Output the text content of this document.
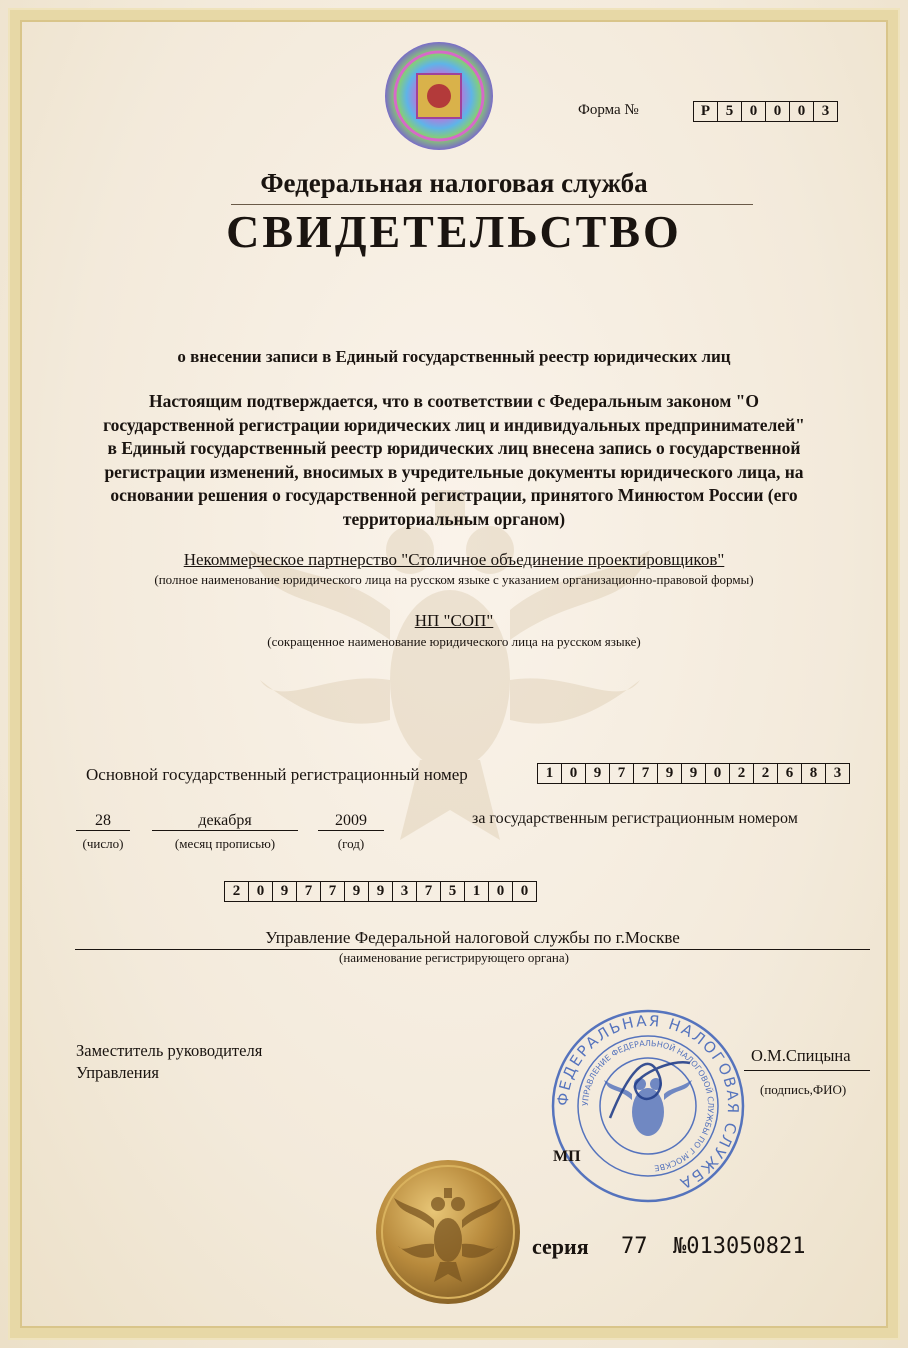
Форма №	Р	5	0	0	0	3
Федеральная налоговая служба
СВИДЕТЕЛЬСТВО
о внесении записи в Единый государственный реестр юридических лиц
Настоящим подтверждается, что в соответствии с Федеральным законом "О
государственной регистрации юридических лиц и индивидуальных предпринимателей"
в Единый государственный реестр юридических лиц внесена запись о государственной
регистрации изменений, вносимых в учредительные документы юридического лица, на
основании решения о государственной регистрации, принятого Минюстом России (его
территориальным органом)
Некоммерческое партнерство "Столичное объединение проектировщиков"
(полное наименование юридического лица на русском языке с указанием организационно-правовой формы)
НП "СОП"
(сокращенное наименование юридического лица на русском языке)
Основной государственный регистрационный номер	1	0	9	7	7	9	9	0	2	2	6	8	3
28
(число)
декабря
(месяц прописью)
2009
(год)
за государственным регистрационным номером
2	0	9	7	7	9	9	3	7	5	1	0	0
Управление Федеральной налоговой службы по г.Москве
(наименование регистрирующего органа)
Заместитель руководителя
Управления
ФЕДЕРАЛЬНАЯ НАЛОГОВАЯ СЛУЖБА
УПРАВЛЕНИЕ ФЕДЕРАЛЬНОЙ НАЛОГОВОЙ СЛУЖБЫ ПО Г.МОСКВЕ
О.М.Спицына
(подпись,ФИО)
МП
серия 77 №013050821
